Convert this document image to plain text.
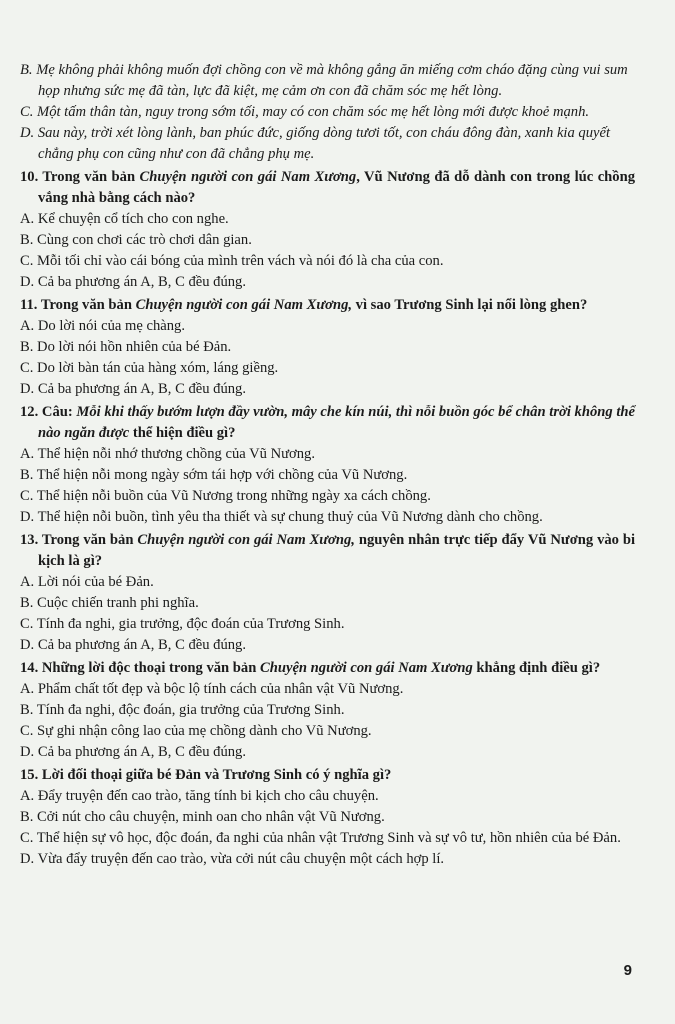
B. Mẹ không phải không muốn đợi chồng con về mà không gắng ăn miếng cơm cháo đặng cùng vui sum họp nhưng sức mẹ đã tàn, lực đã kiệt, mẹ cảm ơn con đã chăm sóc mẹ hết lòng.
C. Một tấm thân tàn, nguy trong sớm tối, may có con chăm sóc mẹ hết lòng mới được khoẻ mạnh.
D. Sau này, trời xét lòng lành, ban phúc đức, giống dòng tươi tốt, con cháu đông đàn, xanh kia quyết chẳng phụ con cũng như con đã chẳng phụ mẹ.
10. Trong văn bản Chuyện người con gái Nam Xương, Vũ Nương đã dỗ dành con trong lúc chồng vắng nhà bằng cách nào?
A. Kể chuyện cổ tích cho con nghe.
B. Cùng con chơi các trò chơi dân gian.
C. Mỗi tối chỉ vào cái bóng của mình trên vách và nói đó là cha của con.
D. Cả ba phương án A, B, C đều đúng.
11. Trong văn bản Chuyện người con gái Nam Xương, vì sao Trương Sinh lại nổi lòng ghen?
A. Do lời nói của mẹ chàng.
B. Do lời nói hồn nhiên của bé Đản.
C. Do lời bàn tán của hàng xóm, láng giềng.
D. Cả ba phương án A, B, C đều đúng.
12. Câu: Mỗi khi thấy bướm lượn đầy vườn, mây che kín núi, thì nỗi buồn góc bể chân trời không thể nào ngăn được thể hiện điều gì?
A. Thể hiện nỗi nhớ thương chồng của Vũ Nương.
B. Thể hiện nỗi mong ngày sớm tái hợp với chồng của Vũ Nương.
C. Thể hiện nỗi buồn của Vũ Nương trong những ngày xa cách chồng.
D. Thể hiện nỗi buồn, tình yêu tha thiết và sự chung thuỷ của Vũ Nương dành cho chồng.
13. Trong văn bản Chuyện người con gái Nam Xương, nguyên nhân trực tiếp đẩy Vũ Nương vào bi kịch là gì?
A. Lời nói của bé Đản.
B. Cuộc chiến tranh phi nghĩa.
C. Tính đa nghi, gia trưởng, độc đoán của Trương Sinh.
D. Cả ba phương án A, B, C đều đúng.
14. Những lời độc thoại trong văn bản Chuyện người con gái Nam Xương khẳng định điều gì?
A. Phẩm chất tốt đẹp và bộc lộ tính cách của nhân vật Vũ Nương.
B. Tính đa nghi, độc đoán, gia trưởng của Trương Sinh.
C. Sự ghi nhận công lao của mẹ chồng dành cho Vũ Nương.
D. Cả ba phương án A, B, C đều đúng.
15. Lời đối thoại giữa bé Đản và Trương Sinh có ý nghĩa gì?
A. Đẩy truyện đến cao trào, tăng tính bi kịch cho câu chuyện.
B. Cởi nút cho câu chuyện, minh oan cho nhân vật Vũ Nương.
C. Thể hiện sự vô học, độc đoán, đa nghi của nhân vật Trương Sinh và sự vô tư, hồn nhiên của bé Đản.
D. Vừa đẩy truyện đến cao trào, vừa cởi nút câu chuyện một cách hợp lí.
9
